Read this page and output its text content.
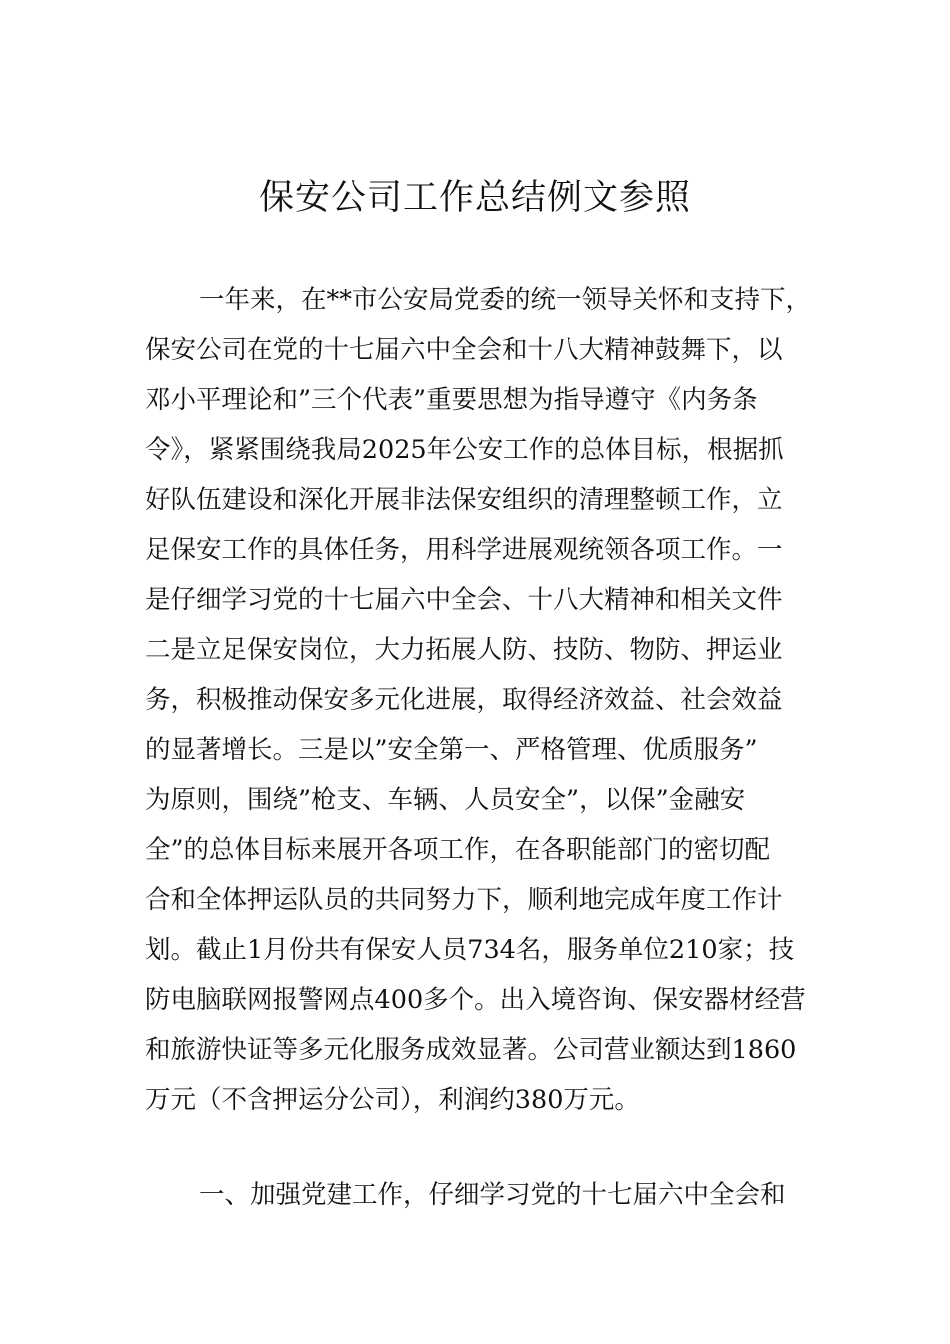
保安公司工作总结例文参照
一年来，在**市公安局党委的统一领导关怀和支持下，
保安公司在党的十七届六中全会和十八大精神鼓舞下，以
邓小平理论和”三个代表”重要思想为指导遵守《内务条
令》，紧紧围绕我局2025年公安工作的总体目标，根据抓
好队伍建设和深化开展非法保安组织的清理整顿工作，立
足保安工作的具体任务，用科学进展观统领各项工作。一
是仔细学习党的十七届六中全会、十八大精神和相关文件
二是立足保安岗位，大力拓展人防、技防、物防、押运业
务，积极推动保安多元化进展，取得经济效益、社会效益
的显著增长。三是以”安全第一、严格管理、优质服务”
为原则，围绕”枪支、车辆、人员安全”，以保”金融安
全”的总体目标来展开各项工作，在各职能部门的密切配
合和全体押运队员的共同努力下，顺利地完成年度工作计
划。截止1月份共有保安人员734名，服务单位210家；技
防电脑联网报警网点400多个。出入境咨询、保安器材经营
和旅游快证等多元化服务成效显著。公司营业额达到1860
万元（不含押运分公司），利润约380万元。
一、加强党建工作，仔细学习党的十七届六中全会和
